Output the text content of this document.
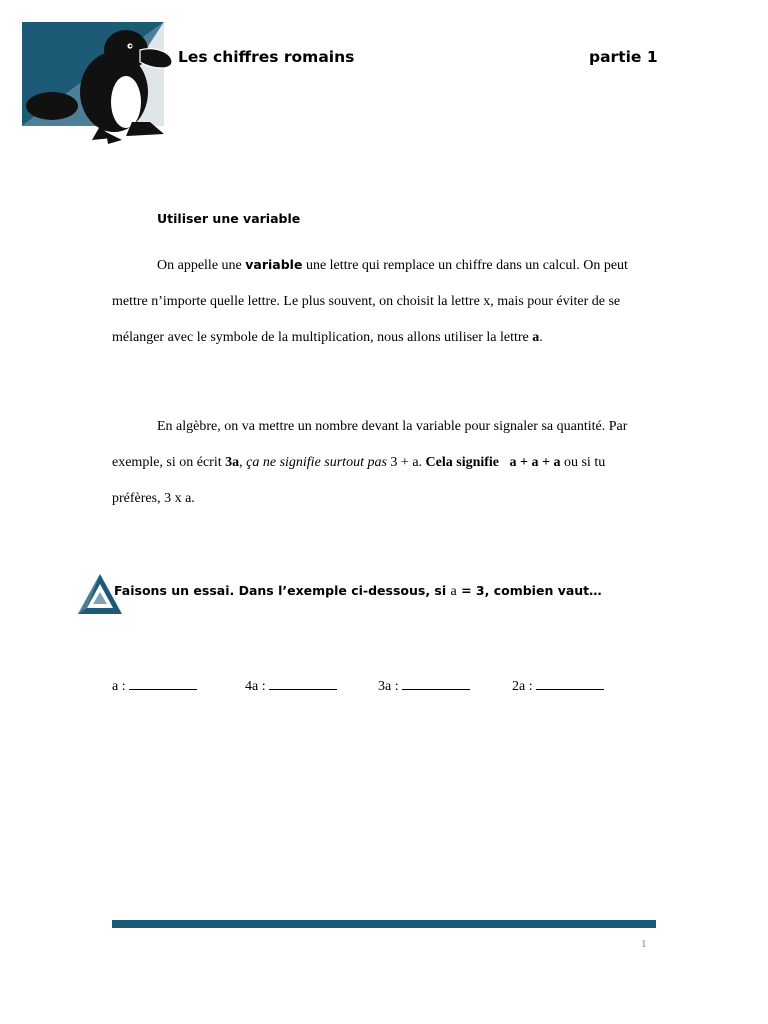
Les chiffres romains	partie 1
Utiliser une variable
On appelle une variable une lettre qui remplace un chiffre dans un calcul. On peut
mettre n’importe quelle lettre. Le plus souvent, on choisit la lettre x, mais pour éviter de se
mélanger avec le symbole de la multiplication, nous allons utiliser la lettre a.
En algèbre, on va mettre un nombre devant la variable pour signaler sa quantité. Par
exemple, si on écrit 3a, ça ne signifie surtout pas 3 + a. Cela signifie   a + a + a ou si tu
préfères, 3 x a.
Faisons un essai. Dans l’exemple ci-dessous, si a = 3, combien vaut…
a :	4a :	3a :	2a :
1
